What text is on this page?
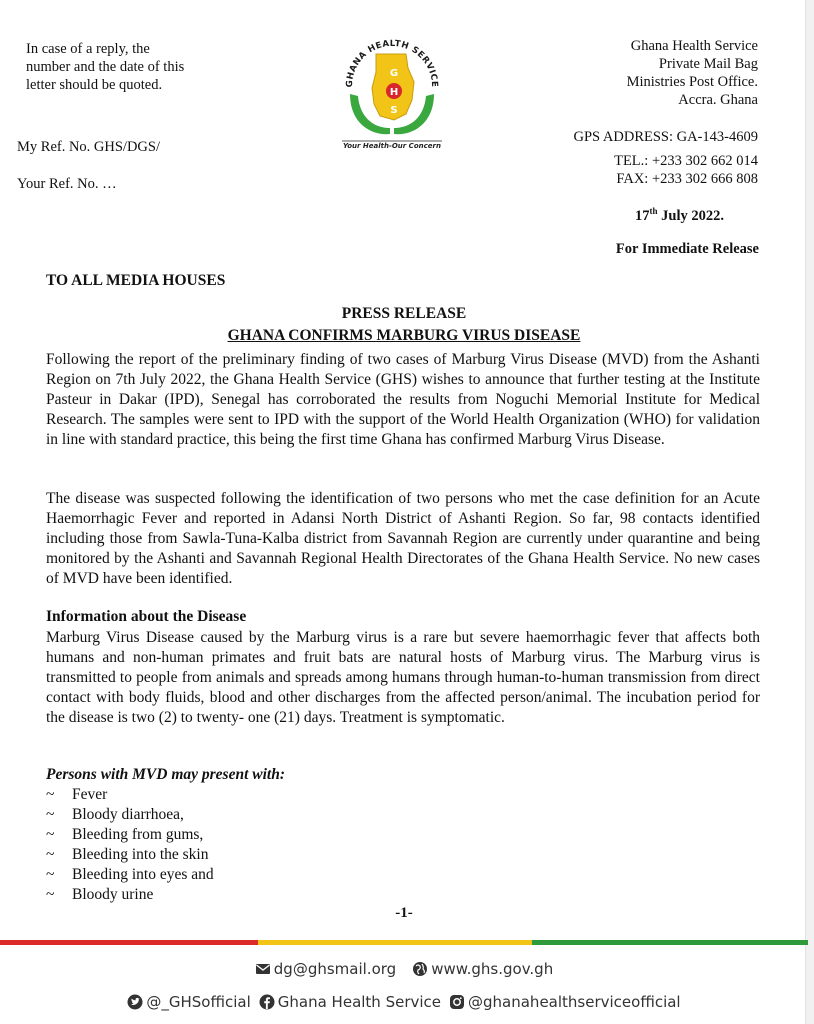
In case of a reply, the
number and the date of this
letter should be quoted.
My Ref. No. GHS/DGS/
Your Ref. No. …
GHANA HEALTH SERVICE
G
H
S
Your Health-Our Concern
Ghana Health Service
Private Mail Bag
Ministries Post Office.
Accra. Ghana
GPS ADDRESS: GA-143-4609
TEL.: +233 302 662 014
FAX: +233 302 666 808
17th July 2022.
For Immediate Release
TO ALL MEDIA HOUSES
PRESS RELEASE
GHANA CONFIRMS MARBURG VIRUS DISEASE

Following the report of the preliminary finding of two cases of Marburg Virus Disease (MVD) from the Ashanti Region on 7th July 2022, the Ghana Health Service (GHS) wishes to announce that further testing at the Institute Pasteur in Dakar (IPD), Senegal has corroborated the results from Noguchi Memorial Institute for Medical Research. The samples were sent to IPD with the support of the World Health Organization (WHO) for validation in line with standard practice, this being the first time Ghana has confirmed Marburg Virus Disease.

The disease was suspected following the identification of two persons who met the case definition for an Acute Haemorrhagic Fever and reported in Adansi North District of Ashanti Region. So far, 98 contacts identified including those from Sawla-Tuna-Kalba district from Savannah Region are currently under quarantine and being monitored by the Ashanti and Savannah Regional Health Directorates of the Ghana Health Service. No new cases of MVD have been identified.

Information about the Disease

Marburg Virus Disease caused by the Marburg virus is a rare but severe haemorrhagic fever that affects both humans and non-human primates and fruit bats are natural hosts of Marburg virus. The Marburg virus is transmitted to people from animals and spreads among humans through human-to-human transmission from direct contact with body fluids, blood and other discharges from the affected person/animal. The incubation period for the disease is two (2) to twenty- one (21) days. Treatment is symptomatic.

Persons with MVD may present with:
~	Fever
~	Bloody diarrhoea,
~	Bleeding from gums,
~	Bleeding into the skin
~	Bleeding into eyes and
~	Bloody urine
-1-
dg@ghsmail.org www.ghs.gov.gh
@_GHSofficial Ghana Health Service @ghanahealthserviceofficial
